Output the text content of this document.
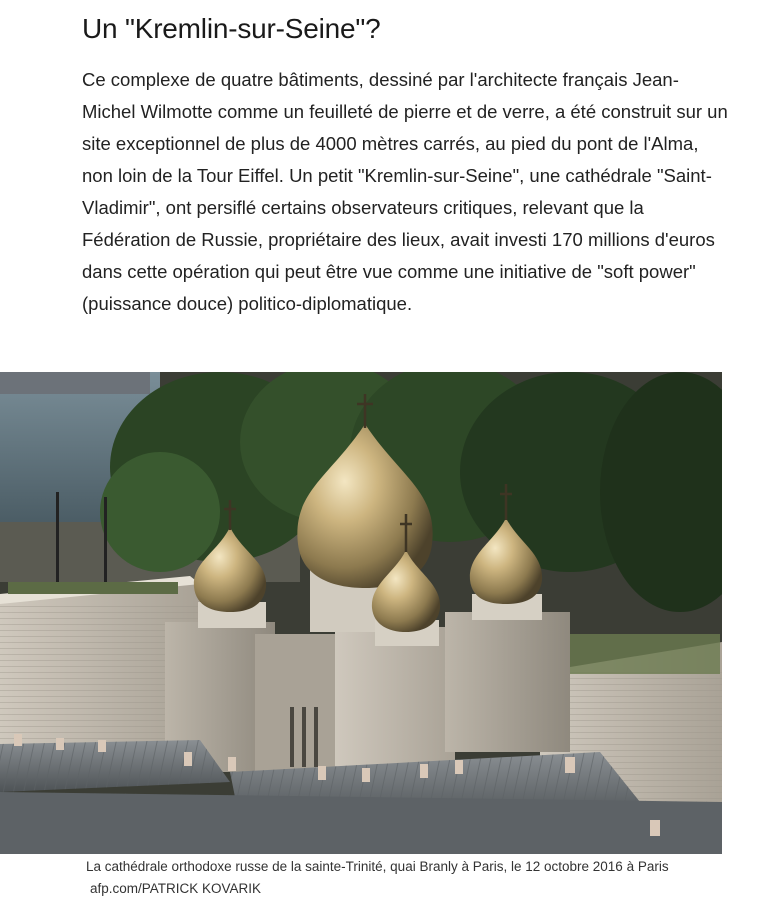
Un "Kremlin-sur-Seine"?

Ce complexe de quatre bâtiments, dessiné par l'architecte français Jean-Michel Wilmotte comme un feuilleté de pierre et de verre, a été construit sur un site exceptionnel de plus de 4000 mètres carrés, au pied du pont de l'Alma, non loin de la Tour Eiffel. Un petit "Kremlin-sur-Seine", une cathédrale "Saint-Vladimir", ont persiflé certains observateurs critiques, relevant que la Fédération de Russie, propriétaire des lieux, avait investi 170 millions d'euros dans cette opération qui peut être vue comme une initiative de "soft power" (puissance douce) politico-diplomatique.

La cathédrale orthodoxe russe de la sainte-Trinité, quai Branly à Paris, le 12 octobre 2016 à Paris afp.com/PATRICK KOVARIK
